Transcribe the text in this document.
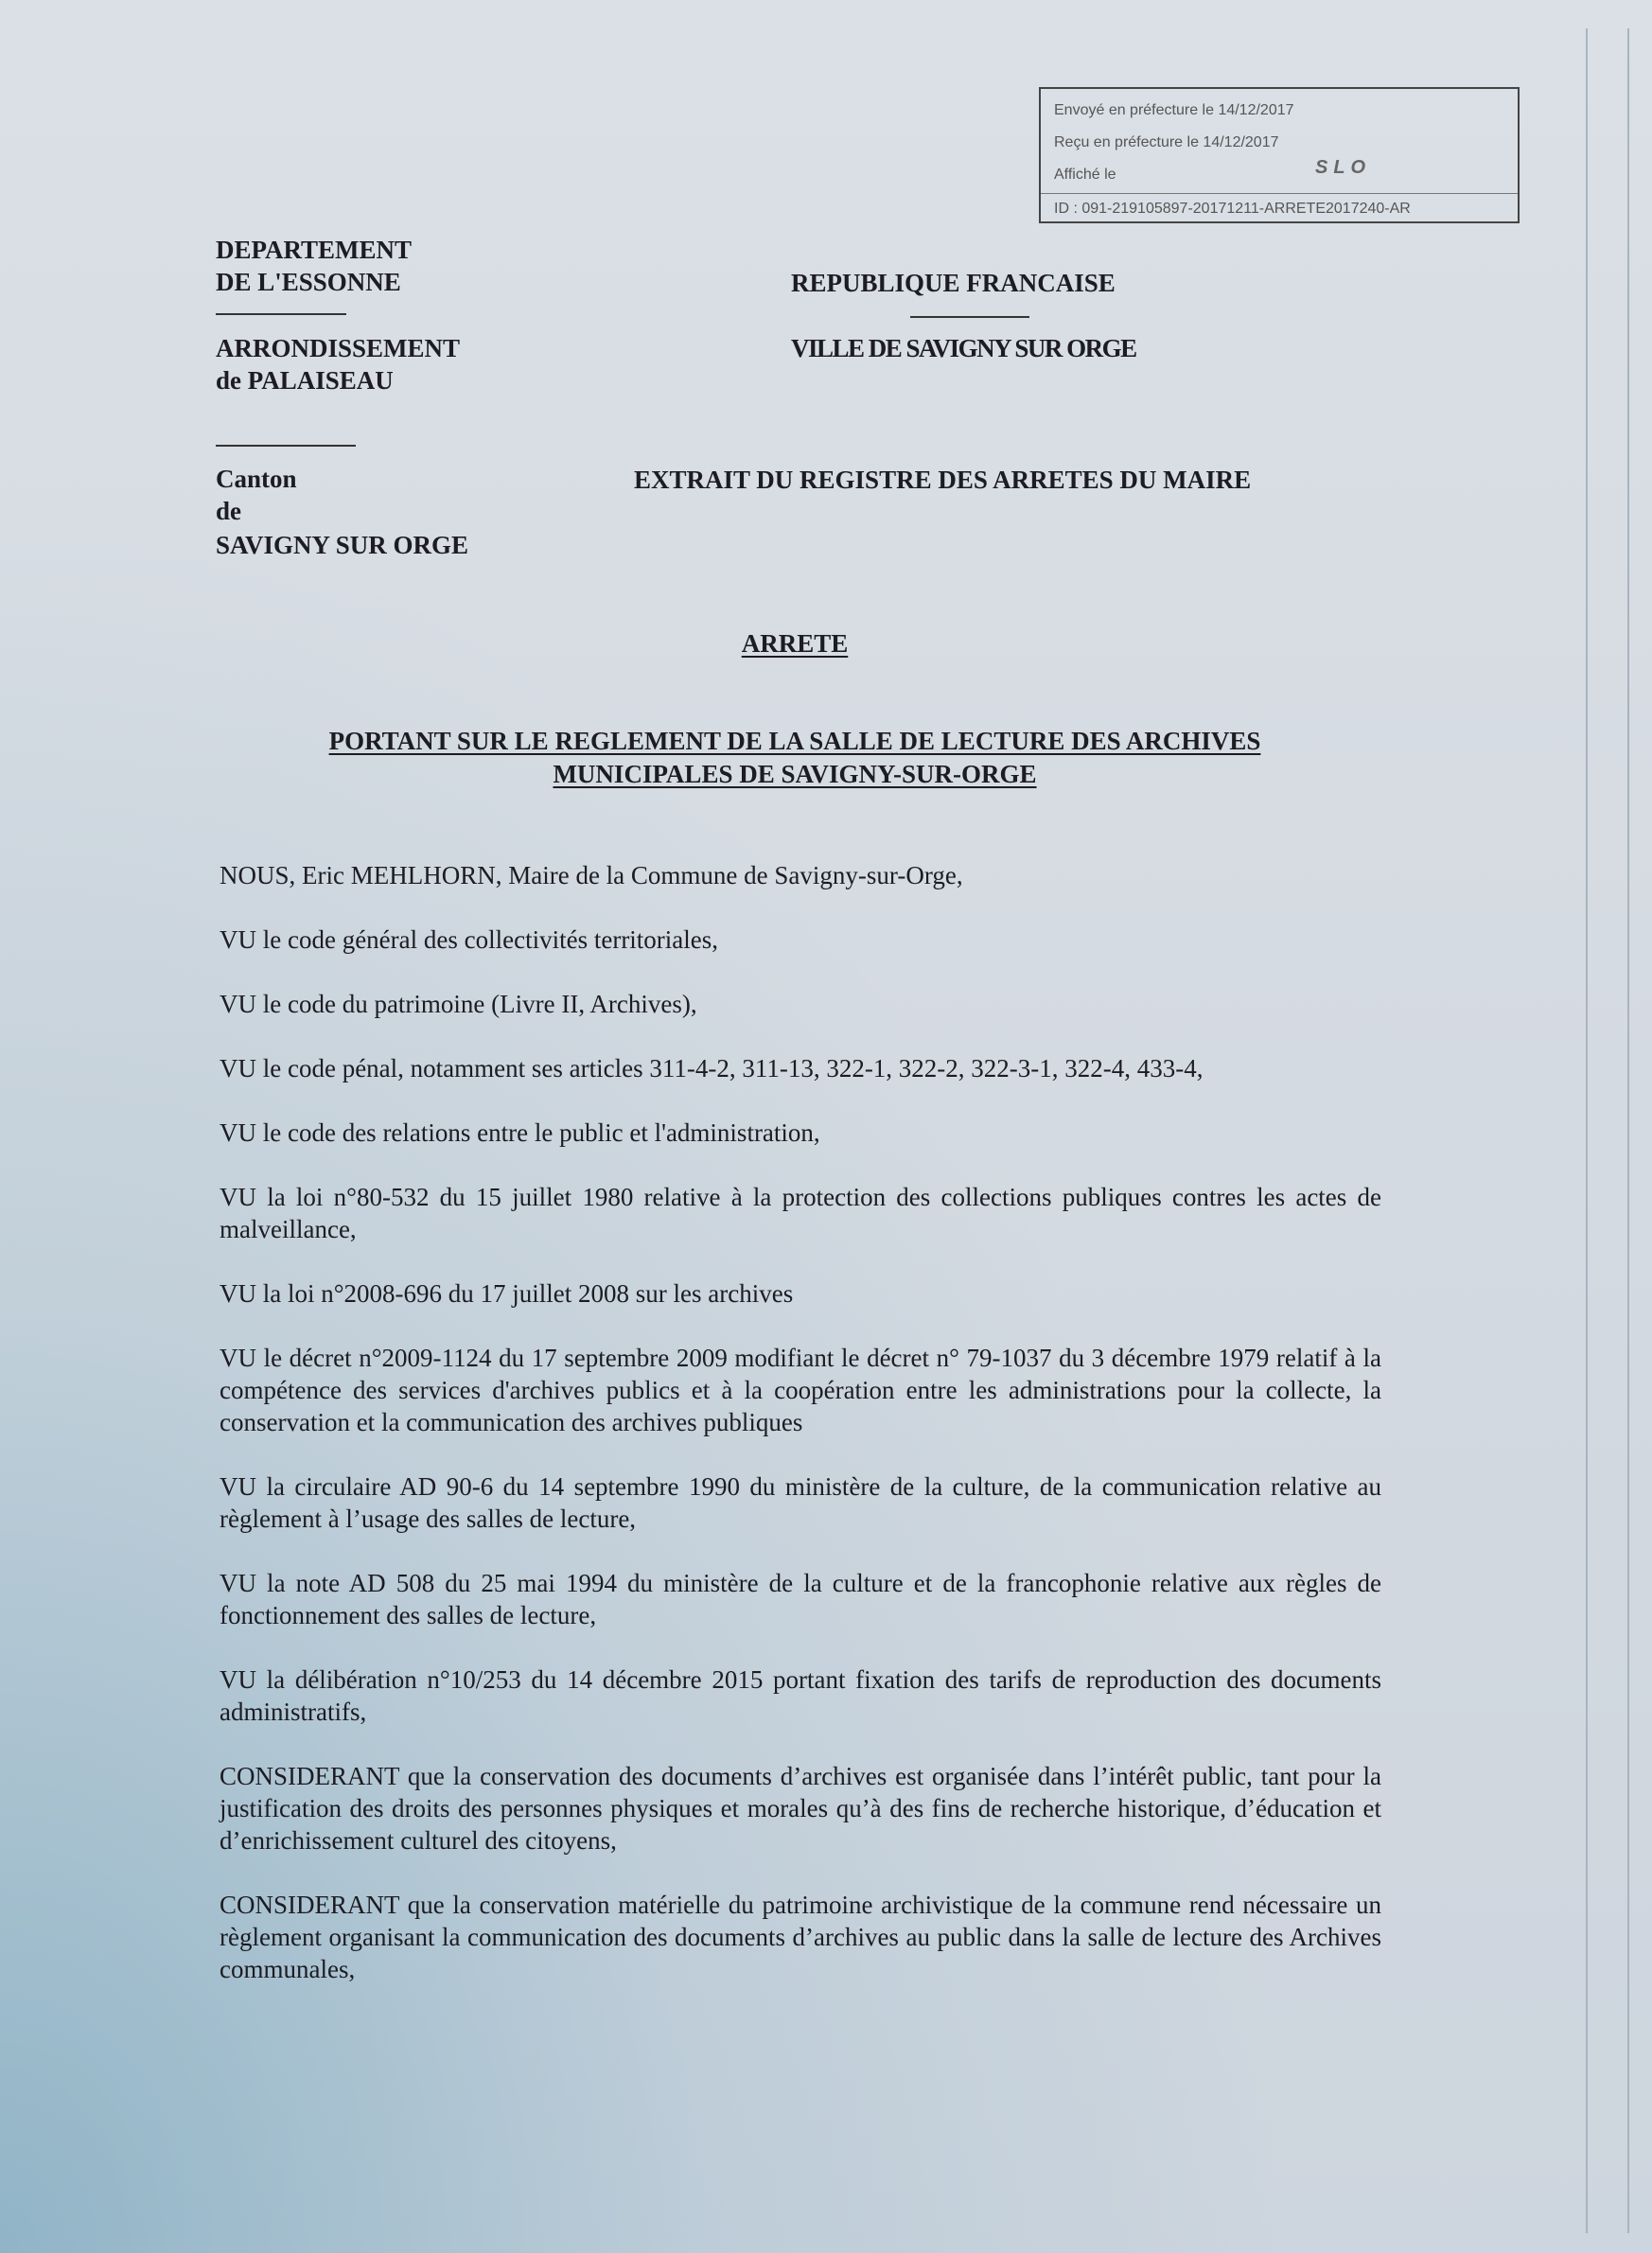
Envoyé en préfecture le 14/12/2017
Reçu en préfecture le 14/12/2017
Affiché le	SLO
ID : 091-219105897-20171211-ARRETE2017240-AR
DEPARTEMENT
DE L'ESSONNE
ARRONDISSEMENT
de PALAISEAU
Canton
de
SAVIGNY SUR ORGE
REPUBLIQUE FRANCAISE
VILLE DE SAVIGNY SUR ORGE
EXTRAIT DU REGISTRE DES ARRETES DU MAIRE
ARRETE
PORTANT SUR LE REGLEMENT DE LA SALLE DE LECTURE DES ARCHIVES
MUNICIPALES DE SAVIGNY-SUR-ORGE

NOUS, Eric MEHLHORN, Maire de la Commune de Savigny-sur-Orge,

VU le code général des collectivités territoriales,

VU le code du patrimoine (Livre II, Archives),

VU le code pénal, notamment ses articles 311-4-2, 311-13, 322-1, 322-2, 322-3-1, 322-4, 433-4,

VU le code des relations entre le public et l'administration,

VU la loi n°80-532 du 15 juillet 1980 relative à la protection des collections publiques contres les actes de malveillance,

VU la loi n°2008-696 du 17 juillet 2008 sur les archives

VU le décret n°2009-1124 du 17 septembre 2009 modifiant le décret n° 79-1037 du 3 décembre 1979 relatif à la compétence des services d'archives publics et à la coopération entre les administrations pour la collecte, la conservation et la communication des archives publiques

VU la circulaire AD 90-6 du 14 septembre 1990 du ministère de la culture, de la communication relative au règlement à l’usage des salles de lecture,

VU la note AD 508 du 25 mai 1994 du ministère de la culture et de la francophonie relative aux règles de fonctionnement des salles de lecture,

VU la délibération n°10/253 du 14 décembre 2015 portant fixation des tarifs de reproduction des documents administratifs,

CONSIDERANT que la conservation des documents d’archives est organisée dans l’intérêt public, tant pour la justification des droits des personnes physiques et morales qu’à des fins de recherche historique, d’éducation et d’enrichissement culturel des citoyens,

CONSIDERANT que la conservation matérielle du patrimoine archivistique de la commune rend nécessaire un règlement organisant la communication des documents d’archives au public dans la salle de lecture des Archives communales,
